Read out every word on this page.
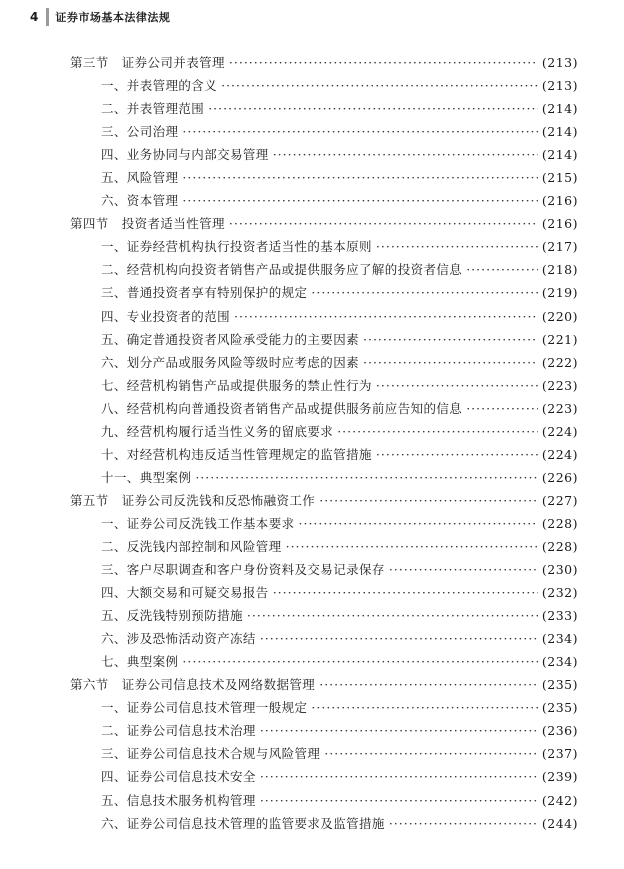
4 证券市场基本法律法规
第三节 证券公司并表管理 ·····	(213)
一、并表管理的含义 ·····	(213)
二、并表管理范围 ·····	(214)
三、公司治理 ·····	(214)
四、业务协同与内部交易管理 ·····	(214)
五、风险管理 ·····	(215)
六、资本管理 ·····	(216)
第四节 投资者适当性管理 ·····	(216)
一、证券经营机构执行投资者适当性的基本原则 ·····	(217)
二、经营机构向投资者销售产品或提供服务应了解的投资者信息 ·····	(218)
三、普通投资者享有特别保护的规定 ·····	(219)
四、专业投资者的范围 ·····	(220)
五、确定普通投资者风险承受能力的主要因素 ·····	(221)
六、划分产品或服务风险等级时应考虑的因素 ·····	(222)
七、经营机构销售产品或提供服务的禁止性行为 ·····	(223)
八、经营机构向普通投资者销售产品或提供服务前应告知的信息 ·····	(223)
九、经营机构履行适当性义务的留底要求 ·····	(224)
十、对经营机构违反适当性管理规定的监管措施 ·····	(224)
十一、典型案例 ·····	(226)
第五节 证券公司反洗钱和反恐怖融资工作 ·····	(227)
一、证券公司反洗钱工作基本要求 ·····	(228)
二、反洗钱内部控制和风险管理 ·····	(228)
三、客户尽职调查和客户身份资料及交易记录保存 ·····	(230)
四、大额交易和可疑交易报告 ·····	(232)
五、反洗钱特别预防措施 ·····	(233)
六、涉及恐怖活动资产冻结 ·····	(234)
七、典型案例 ·····	(234)
第六节 证券公司信息技术及网络数据管理 ·····	(235)
一、证券公司信息技术管理一般规定 ·····	(235)
二、证券公司信息技术治理 ·····	(236)
三、证券公司信息技术合规与风险管理 ·····	(237)
四、证券公司信息技术安全 ·····	(239)
五、信息技术服务机构管理 ·····	(242)
六、证券公司信息技术管理的监管要求及监管措施 ·····	(244)
